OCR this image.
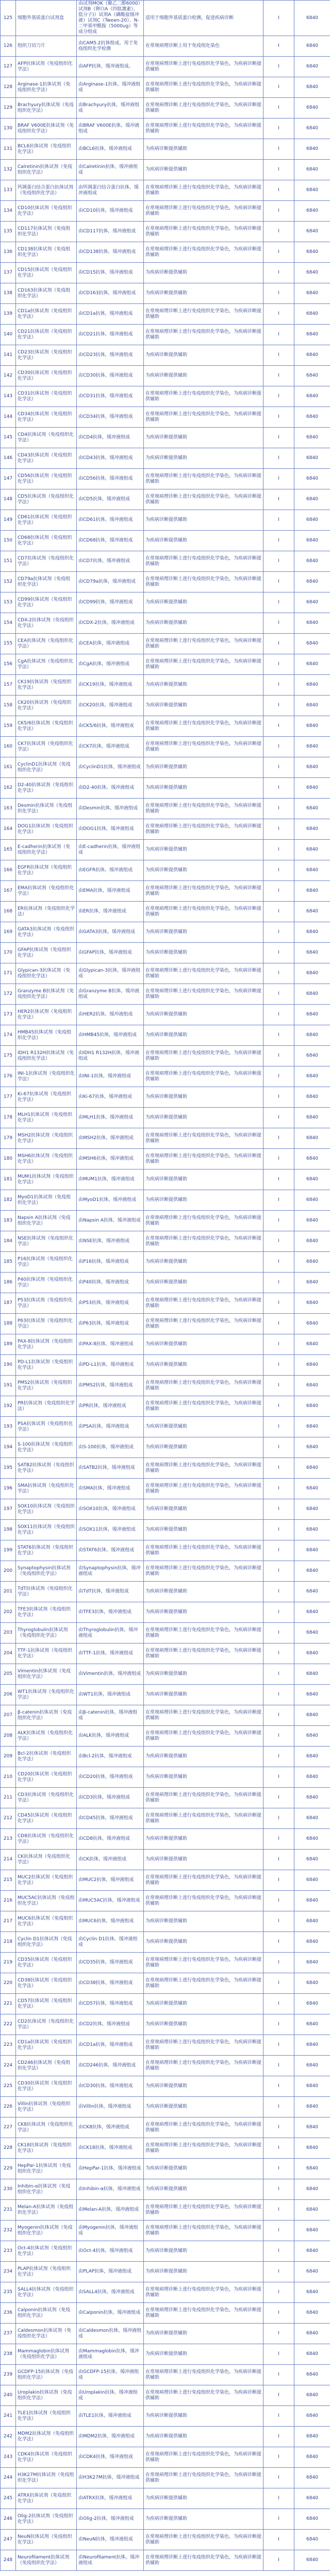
125	细胞外基质蛋白试剂盒	由试剂MOK（聚乙二醇6000）试剂B（卵白A（四肽激素）、低分子)）试剂A（磷酸盐缓冲液）试剂C（Tween-20）、N-二甲基甲酰胺（5000ug）等成分组成	适用于细胞外基质蛋白检测，促进疾病诊断	Ⅰ	6840
126	组织刀切刀片	由CAM5.2抗体组成，用于免疫组织化学检测	在常规病理诊断上用于免疫组化染色	Ⅰ	6840
127	AFP抗体试剂（免疫组织化学法）	由AFP抗体，缓冲液组成。	在常规病理诊断上进行免疫组织化学染色，为疾病诊断提供辅助	Ⅰ	6840
128	Arginase-1抗体试剂（免疫组织化学法）	由Arginase-1抗体，缓冲液组成	在常规病理诊断上进行免疫组织化学染色，为疾病诊断提供辅助	Ⅰ	6840
129	Brachyury抗体试剂（免疫组织化学法）	由Brachyury抗体，缓冲液组成	在常规病理诊断上进行免疫组织化学染色，为疾病诊断提供辅助	Ⅰ	6840
130	BRAF V600E抗体试剂（免疫组织化学法）	由BRAF V600E抗体，缓冲液组成	在常规病理诊断上进行免疫组织化学染色，为疾病诊断提供辅助	Ⅰ	6840
131	BCL6抗体试剂（免疫组织化学法）	由BCL6抗体，缓冲液组成	为疾病诊断提供辅助	Ⅰ	6840
132	Calretinin抗体试剂（免疫组织化学法）	由Calretinin抗体，缓冲液组成	为疾病诊断提供辅助	Ⅰ	6840
133	钙调蛋白结合蛋白抗体试剂（免疫组织化学法）	由钙调蛋白结合蛋白抗体，缓冲液组成	在常规病理诊断上进行免疫组织化学染色，为疾病诊断提供辅助	Ⅰ	6840
134	CD10抗体试剂（免疫组织化学法）	由CD10抗体，缓冲液组成	在常规病理诊断上进行免疫组织化学染色，为疾病诊断提供辅助	Ⅰ	6840
135	CD117抗体试剂（免疫组织化学法）	由CD117抗体，缓冲液组成	在常规病理诊断上进行免疫组织化学染色，为疾病诊断提供辅助	Ⅰ	6840
136	CD138抗体试剂（免疫组织化学法）	由CD138抗体，缓冲液组成	在常规病理诊断上进行免疫组织化学染色，为疾病诊断提供辅助	Ⅰ	6840
137	CD15抗体试剂（免疫组织化学法）	由CD15抗体，缓冲液组成	为疾病诊断提供辅助	Ⅰ	6840
138	CD163抗体试剂（免疫组织化学法）	由CD163抗体，缓冲液组成	为疾病诊断提供辅助	Ⅰ	6840
139	CD1a抗体试剂（免疫组织化学法）	由CD1a抗体，缓冲液组成	在常规病理诊断上进行免疫组织化学染色，为疾病诊断提供辅助	Ⅰ	6840
140	CD21抗体试剂（免疫组织化学法）	由CD21抗体，缓冲液组成	在常规病理诊断上进行免疫组织化学染色，为疾病诊断提供辅助	Ⅰ	6840
141	CD23抗体试剂（免疫组织化学法）	由CD23抗体，缓冲液组成	为疾病诊断提供辅助	Ⅰ	6840
142	CD30抗体试剂（免疫组织化学法）	由CD30抗体，缓冲液组成	为疾病诊断提供辅助	Ⅰ	6840
143	CD31抗体试剂（免疫组织化学法）	由CD31抗体，缓冲液组成	在常规病理诊断上进行免疫组织化学染色，为疾病诊断提供辅助	Ⅰ	6840
144	CD34抗体试剂（免疫组织化学法）	由CD34抗体，缓冲液组成	在常规病理诊断上进行免疫组织化学染色，为疾病诊断提供辅助	Ⅰ	6840
145	CD4抗体试剂（免疫组织化学法）	由CD4抗体，缓冲液组成	为疾病诊断提供辅助	Ⅰ	6840
146	CD43抗体试剂（免疫组织化学法）	由CD43抗体，缓冲液组成	为疾病诊断提供辅助	Ⅰ	6840
147	CD56抗体试剂（免疫组织化学法）	由CD56抗体，缓冲液组成	在常规病理诊断上进行免疫组织化学染色，为疾病诊断提供辅助	Ⅰ	6840
148	CD5抗体试剂（免疫组织化学法）	由CD5抗体，缓冲液组成	在常规病理诊断上进行免疫组织化学染色，为疾病诊断提供辅助	Ⅰ	6840
149	CD61抗体试剂（免疫组织化学法）	由CD61抗体，缓冲液组成	为疾病诊断提供辅助	Ⅰ	6840
150	CD68抗体试剂（免疫组织化学法）	由CD68抗体，缓冲液组成	为疾病诊断提供辅助	Ⅰ	6840
151	CD7抗体试剂（免疫组织化学法）	由CD7抗体，缓冲液组成	在常规病理诊断上进行免疫组织化学染色，为疾病诊断提供辅助	Ⅰ	6840
152	CD79a抗体试剂（免疫组织化学法）	由CD79a抗体，缓冲液组成	在常规病理诊断上进行免疫组织化学染色，为疾病诊断提供辅助	Ⅰ	6840
153	CD99抗体试剂（免疫组织化学法）	由CD99抗体，缓冲液组成	为疾病诊断提供辅助	Ⅰ	6840
154	CDX-2抗体试剂（免疫组织化学法）	由CDX-2抗体，缓冲液组成	为疾病诊断提供辅助	Ⅰ	6840
155	CEA抗体试剂（免疫组织化学法）	由CEA抗体，缓冲液组成	在常规病理诊断上进行免疫组织化学染色，为疾病诊断提供辅助	Ⅰ	6840
156	CgA抗体试剂（免疫组织化学法）	由CgA抗体，缓冲液组成	在常规病理诊断上进行免疫组织化学染色，为疾病诊断提供辅助	Ⅰ	6840
157	CK19抗体试剂（免疫组织化学法）	由CK19抗体，缓冲液组成	为疾病诊断提供辅助	Ⅰ	6840
158	CK20抗体试剂（免疫组织化学法）	由CK20抗体，缓冲液组成	为疾病诊断提供辅助	Ⅰ	6840
159	CK5/6抗体试剂（免疫组织化学法）	由CK5/6抗体，缓冲液组成	在常规病理诊断上进行免疫组织化学染色，为疾病诊断提供辅助	Ⅰ	6840
160	CK7抗体试剂（免疫组织化学法）	由CK7抗体，缓冲液组成	在常规病理诊断上进行免疫组织化学染色，为疾病诊断提供辅助	Ⅰ	6840
161	CyclinD1抗体试剂（免疫组织化学法）	由CyclinD1抗体，缓冲液组成	为疾病诊断提供辅助	Ⅰ	6840
162	D2-40抗体试剂（免疫组织化学法）	由D2-40抗体，缓冲液组成	为疾病诊断提供辅助	Ⅰ	6840
163	Desmin抗体试剂（免疫组织化学法）	由Desmin抗体，缓冲液组成	在常规病理诊断上进行免疫组织化学染色，为疾病诊断提供辅助	Ⅰ	6840
164	DOG1抗体试剂（免疫组织化学法）	由DOG1抗体，缓冲液组成	在常规病理诊断上进行免疫组织化学染色，为疾病诊断提供辅助	Ⅰ	6840
165	E-cadherin抗体试剂（免疫组织化学法）	由E-cadherin抗体，缓冲液组成	为疾病诊断提供辅助	Ⅰ	6840
166	EGFR抗体试剂（免疫组织化学法）	由EGFR抗体，缓冲液组成	为疾病诊断提供辅助	Ⅰ	6840
167	EMA抗体试剂（免疫组织化学法）	由EMA抗体，缓冲液组成	在常规病理诊断上进行免疫组织化学染色，为疾病诊断提供辅助	Ⅰ	6840
168	ER抗体试剂（免疫组织化学法）	由ER抗体，缓冲液组成	在常规病理诊断上进行免疫组织化学染色，为疾病诊断提供辅助	Ⅰ	6840
169	GATA3抗体试剂（免疫组织化学法）	由GATA3抗体，缓冲液组成	为疾病诊断提供辅助	Ⅰ	6840
170	GFAP抗体试剂（免疫组织化学法）	由GFAP抗体，缓冲液组成	为疾病诊断提供辅助	Ⅰ	6840
171	Glypican-3抗体试剂（免疫组织化学法）	由Glypican-3抗体，缓冲液组成	在常规病理诊断上进行免疫组织化学染色，为疾病诊断提供辅助	Ⅰ	6840
172	Granzyme B抗体试剂（免疫组织化学法）	由Granzyme B抗体，缓冲液组成	在常规病理诊断上进行免疫组织化学染色，为疾病诊断提供辅助	Ⅰ	6840
173	HER2抗体试剂（免疫组织化学法）	由HER2抗体，缓冲液组成	为疾病诊断提供辅助	Ⅰ	6840
174	HMB45抗体试剂（免疫组织化学法）	由HMB45抗体，缓冲液组成	为疾病诊断提供辅助	Ⅰ	6840
175	IDH1 R132H抗体试剂（免疫组织化学法）	由IDH1 R132H抗体，缓冲液组成	在常规病理诊断上进行免疫组织化学染色，为疾病诊断提供辅助	Ⅰ	6840
176	INI-1抗体试剂（免疫组织化学法）	由INI-1抗体，缓冲液组成	在常规病理诊断上进行免疫组织化学染色，为疾病诊断提供辅助	Ⅰ	6840
177	Ki-67抗体试剂（免疫组织化学法）	由Ki-67抗体，缓冲液组成	为疾病诊断提供辅助	Ⅰ	6840
178	MLH1抗体试剂（免疫组织化学法）	由MLH1抗体，缓冲液组成	为疾病诊断提供辅助	Ⅰ	6840
179	MSH2抗体试剂（免疫组织化学法）	由MSH2抗体，缓冲液组成	在常规病理诊断上进行免疫组织化学染色，为疾病诊断提供辅助	Ⅰ	6840
180	MSH6抗体试剂（免疫组织化学法）	由MSH6抗体，缓冲液组成	在常规病理诊断上进行免疫组织化学染色，为疾病诊断提供辅助	Ⅰ	6840
181	MUM1抗体试剂（免疫组织化学法）	由MUM1抗体，缓冲液组成	为疾病诊断提供辅助	Ⅰ	6840
182	MyoD1抗体试剂（免疫组织化学法）	由MyoD1抗体，缓冲液组成	为疾病诊断提供辅助	Ⅰ	6840
183	Napsin A抗体试剂（免疫组织化学法）	由Napsin A抗体，缓冲液组成	在常规病理诊断上进行免疫组织化学染色，为疾病诊断提供辅助	Ⅰ	6840
184	NSE抗体试剂（免疫组织化学法）	由NSE抗体，缓冲液组成	在常规病理诊断上进行免疫组织化学染色，为疾病诊断提供辅助	Ⅰ	6840
185	P16抗体试剂（免疫组织化学法）	由P16抗体，缓冲液组成	为疾病诊断提供辅助	Ⅰ	6840
186	P40抗体试剂（免疫组织化学法）	由P40抗体，缓冲液组成	为疾病诊断提供辅助	Ⅰ	6840
187	P53抗体试剂（免疫组织化学法）	由P53抗体，缓冲液组成	在常规病理诊断上进行免疫组织化学染色，为疾病诊断提供辅助	Ⅰ	6840
188	P63抗体试剂（免疫组织化学法）	由P63抗体，缓冲液组成	在常规病理诊断上进行免疫组织化学染色，为疾病诊断提供辅助	Ⅰ	6840
189	PAX-8抗体试剂（免疫组织化学法）	由PAX-8抗体，缓冲液组成	为疾病诊断提供辅助	Ⅰ	6840
190	PD-L1抗体试剂（免疫组织化学法）	由PD-L1抗体，缓冲液组成	为疾病诊断提供辅助	Ⅰ	6840
191	PMS2抗体试剂（免疫组织化学法）	由PMS2抗体，缓冲液组成	在常规病理诊断上进行免疫组织化学染色，为疾病诊断提供辅助	Ⅰ	6840
192	PR抗体试剂（免疫组织化学法）	由PR抗体，缓冲液组成	在常规病理诊断上进行免疫组织化学染色，为疾病诊断提供辅助	Ⅰ	6840
193	PSA抗体试剂（免疫组织化学法）	由PSA抗体，缓冲液组成	为疾病诊断提供辅助	Ⅰ	6840
194	S-100抗体试剂（免疫组织化学法）	由S-100抗体，缓冲液组成	为疾病诊断提供辅助	Ⅰ	6840
195	SATB2抗体试剂（免疫组织化学法）	由SATB2抗体，缓冲液组成	在常规病理诊断上进行免疫组织化学染色，为疾病诊断提供辅助	Ⅰ	6840
196	SMA抗体试剂（免疫组织化学法）	由SMA抗体，缓冲液组成	在常规病理诊断上进行免疫组织化学染色，为疾病诊断提供辅助	Ⅰ	6840
197	SOX10抗体试剂（免疫组织化学法）	由SOX10抗体，缓冲液组成	为疾病诊断提供辅助	Ⅰ	6840
198	SOX11抗体试剂（免疫组织化学法）	由SOX11抗体，缓冲液组成	为疾病诊断提供辅助	Ⅰ	6840
199	STAT6抗体试剂（免疫组织化学法）	由STAT6抗体，缓冲液组成	在常规病理诊断上进行免疫组织化学染色，为疾病诊断提供辅助	Ⅰ	6840
200	Synaptophysin抗体试剂（免疫组织化学法）	由Synaptophysin抗体，缓冲液组成	在常规病理诊断上进行免疫组织化学染色，为疾病诊断提供辅助	Ⅰ	6840
201	TdT抗体试剂（免疫组织化学法）	由TdT抗体，缓冲液组成	为疾病诊断提供辅助	Ⅰ	6840
202	TFE3抗体试剂（免疫组织化学法）	由TFE3抗体，缓冲液组成	为疾病诊断提供辅助	Ⅰ	6840
203	Thyroglobulin抗体试剂（免疫组织化学法）	由Thyroglobulin抗体，缓冲液组成	在常规病理诊断上进行免疫组织化学染色，为疾病诊断提供辅助	Ⅰ	6840
204	TTF-1抗体试剂（免疫组织化学法）	由TTF-1抗体，缓冲液组成	在常规病理诊断上进行免疫组织化学染色，为疾病诊断提供辅助	Ⅰ	6840
205	Vimentin抗体试剂（免疫组织化学法）	由Vimentin抗体，缓冲液组成	为疾病诊断提供辅助	Ⅰ	6840
206	WT1抗体试剂（免疫组织化学法）	由WT1抗体，缓冲液组成	为疾病诊断提供辅助	Ⅰ	6840
207	β-catenin抗体试剂（免疫组织化学法）	由β-catenin抗体，缓冲液组成	在常规病理诊断上进行免疫组织化学染色，为疾病诊断提供辅助	Ⅰ	6840
208	ALK抗体试剂（免疫组织化学法）	由ALK抗体，缓冲液组成	在常规病理诊断上进行免疫组织化学染色，为疾病诊断提供辅助	Ⅰ	6840
209	Bcl-2抗体试剂（免疫组织化学法）	由Bcl-2抗体，缓冲液组成	为疾病诊断提供辅助	Ⅰ	6840
210	CD20抗体试剂（免疫组织化学法）	由CD20抗体，缓冲液组成	为疾病诊断提供辅助	Ⅰ	6840
211	CD3抗体试剂（免疫组织化学法）	由CD3抗体，缓冲液组成	在常规病理诊断上进行免疫组织化学染色，为疾病诊断提供辅助	Ⅰ	6840
212	CD45抗体试剂（免疫组织化学法）	由CD45抗体，缓冲液组成	在常规病理诊断上进行免疫组织化学染色，为疾病诊断提供辅助	Ⅰ	6840
213	CD8抗体试剂（免疫组织化学法）	由CD8抗体，缓冲液组成	为疾病诊断提供辅助	Ⅰ	6840
214	CK抗体试剂（免疫组织化学法）	由CK抗体，缓冲液组成	为疾病诊断提供辅助	Ⅰ	6840
215	MUC2抗体试剂（免疫组织化学法）	由MUC2抗体，缓冲液组成	在常规病理诊断上进行免疫组织化学染色，为疾病诊断提供辅助	Ⅰ	6840
216	MUC5AC抗体试剂（免疫组织化学法）	由MUC5AC抗体，缓冲液组成	在常规病理诊断上进行免疫组织化学染色，为疾病诊断提供辅助	Ⅰ	6840
217	MUC6抗体试剂（免疫组织化学法）	由MUC6抗体，缓冲液组成	为疾病诊断提供辅助	Ⅰ	6840
218	Cyclin D1抗体试剂（免疫组织化学法）	由Cyclin D1抗体，缓冲液组成	为疾病诊断提供辅助	Ⅰ	6840
219	CD35抗体试剂（免疫组织化学法）	由CD35抗体，缓冲液组成	在常规病理诊断上进行免疫组织化学染色，为疾病诊断提供辅助	Ⅰ	6840
220	CD38抗体试剂（免疫组织化学法）	由CD38抗体，缓冲液组成	在常规病理诊断上进行免疫组织化学染色，为疾病诊断提供辅助	Ⅰ	6840
221	CD57抗体试剂（免疫组织化学法）	由CD57抗体，缓冲液组成	为疾病诊断提供辅助	Ⅰ	6840
222	CD2抗体试剂（免疫组织化学法）	由CD2抗体，缓冲液组成	为疾病诊断提供辅助	Ⅰ	6840
223	CD1a抗体试剂（免疫组织化学法）	由CD1a抗体，缓冲液组成	在常规病理诊断上进行免疫组织化学染色，为疾病诊断提供辅助	Ⅰ	6840
224	CD246抗体试剂（免疫组织化学法）	由CD246抗体，缓冲液组成	在常规病理诊断上进行免疫组织化学染色，为疾病诊断提供辅助	Ⅰ	6840
225	CD30抗体试剂（免疫组织化学法）	由CD30抗体，缓冲液组成	为疾病诊断提供辅助	Ⅰ	6840
226	Villin抗体试剂（免疫组织化学法）	由Villin抗体，缓冲液组成	为疾病诊断提供辅助	Ⅰ	6840
227	CK8抗体试剂（免疫组织化学法）	由CK8抗体，缓冲液组成	在常规病理诊断上进行免疫组织化学染色，为疾病诊断提供辅助	Ⅰ	6840
228	CK18抗体试剂（免疫组织化学法）	由CK18抗体，缓冲液组成	在常规病理诊断上进行免疫组织化学染色，为疾病诊断提供辅助	Ⅰ	6840
229	HepPar-1抗体试剂（免疫组织化学法）	由HepPar-1抗体，缓冲液组成	为疾病诊断提供辅助	Ⅰ	6840
230	Inhibin-α抗体试剂（免疫组织化学法）	由Inhibin-α抗体，缓冲液组成	为疾病诊断提供辅助	Ⅰ	6840
231	Melan-A抗体试剂（免疫组织化学法）	由Melan-A抗体，缓冲液组成	在常规病理诊断上进行免疫组织化学染色，为疾病诊断提供辅助	Ⅰ	6840
232	Myogenin抗体试剂（免疫组织化学法）	由Myogenin抗体，缓冲液组成	在常规病理诊断上进行免疫组织化学染色，为疾病诊断提供辅助	Ⅰ	6840
233	Oct-4抗体试剂（免疫组织化学法）	由Oct-4抗体，缓冲液组成	为疾病诊断提供辅助	Ⅰ	6840
234	PLAP抗体试剂（免疫组织化学法）	由PLAP抗体，缓冲液组成	为疾病诊断提供辅助	Ⅰ	6840
235	SALL4抗体试剂（免疫组织化学法）	由SALL4抗体，缓冲液组成	在常规病理诊断上进行免疫组织化学染色，为疾病诊断提供辅助	Ⅰ	6840
236	Calponin抗体试剂（免疫组织化学法）	由Calponin抗体，缓冲液组成	在常规病理诊断上进行免疫组织化学染色，为疾病诊断提供辅助	Ⅰ	6840
237	Caldesmon抗体试剂（免疫组织化学法）	由Caldesmon抗体，缓冲液组成	为疾病诊断提供辅助	Ⅰ	6840
238	Mammaglobin抗体试剂（免疫组织化学法）	由Mammaglobin抗体，缓冲液组成	为疾病诊断提供辅助	Ⅰ	6840
239	GCDFP-15抗体试剂（免疫组织化学法）	由GCDFP-15抗体，缓冲液组成	在常规病理诊断上进行免疫组织化学染色，为疾病诊断提供辅助	Ⅰ	6840
240	Uroplakin抗体试剂（免疫组织化学法）	由Uroplakin抗体，缓冲液组成	在常规病理诊断上进行免疫组织化学染色，为疾病诊断提供辅助	Ⅰ	6840
241	TLE1抗体试剂（免疫组织化学法）	由TLE1抗体，缓冲液组成	为疾病诊断提供辅助	Ⅰ	6840
242	MDM2抗体试剂（免疫组织化学法）	由MDM2抗体，缓冲液组成	为疾病诊断提供辅助	Ⅰ	6840
243	CDK4抗体试剂（免疫组织化学法）	由CDK4抗体，缓冲液组成	在常规病理诊断上进行免疫组织化学染色，为疾病诊断提供辅助	Ⅰ	6840
244	H3K27M抗体试剂（免疫组织化学法）	由H3K27M抗体，缓冲液组成	在常规病理诊断上进行免疫组织化学染色，为疾病诊断提供辅助	Ⅰ	6840
245	ATRX抗体试剂（免疫组织化学法）	由ATRX抗体，缓冲液组成	为疾病诊断提供辅助	Ⅰ	6840
246	Olig-2抗体试剂（免疫组织化学法）	由Olig-2抗体，缓冲液组成	为疾病诊断提供辅助	Ⅰ	6840
247	NeuN抗体试剂（免疫组织化学法）	由NeuN抗体，缓冲液组成	在常规病理诊断上进行免疫组织化学染色，为疾病诊断提供辅助	Ⅰ	6840
248	Neurofilament抗体试剂（免疫组织化学法）	由Neurofilament抗体，缓冲液组成	在常规病理诊断上进行免疫组织化学染色，为疾病诊断提供辅助	Ⅰ	6840
